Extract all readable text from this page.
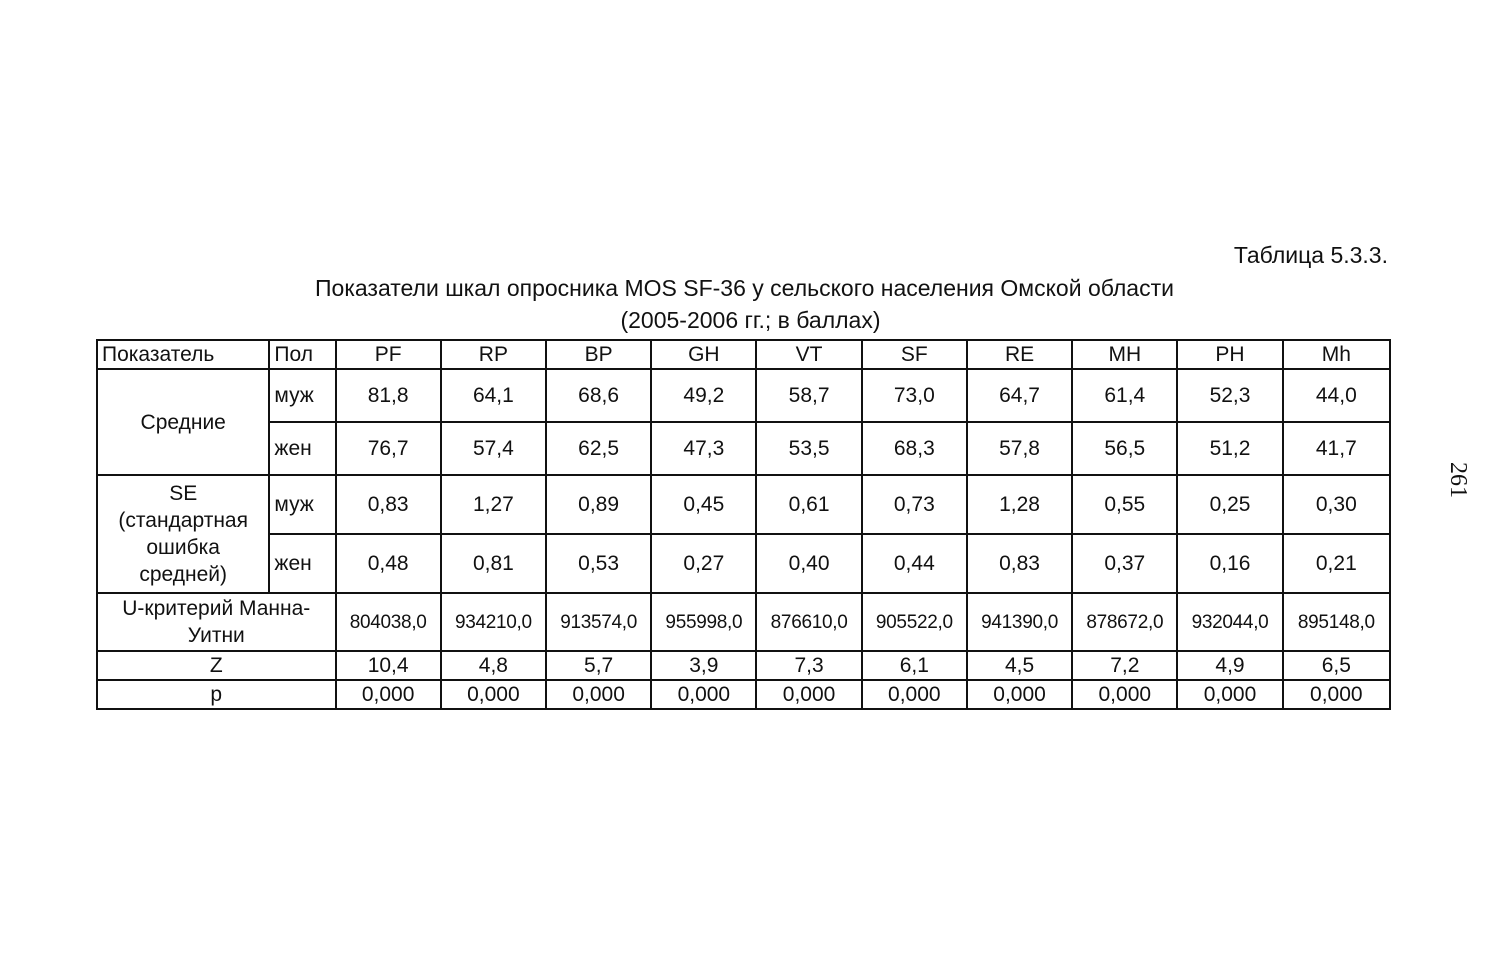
Таблица 5.3.3.
Показатели шкал опросника MOS SF-36 у сельского населения Омской области
(2005-2006 гг.; в баллах)
Показатель	Пол	PF	RP	BP	GH	VT	SF	RE	MH	PH	Mh
Средние	муж	81,8	64,1	68,6	49,2	58,7	73,0	64,7	61,4	52,3	44,0
	жен	76,7	57,4	62,5	47,3	53,5	68,3	57,8	56,5	51,2	41,7

SE
(стандартная
ошибка
средней)	муж	0,83	1,27	0,89	0,45	0,61	0,73	1,28	0,55	0,25	0,30
	жен	0,48	0,81	0,53	0,27	0,40	0,44	0,83	0,37	0,16	0,21

U-критерий Манна-
Уитни		804038,0	934210,0	913574,0	955998,0	876610,0	905522,0	941390,0	878672,0	932044,0	895148,0
Z		10,4	4,8	5,7	3,9	7,3	6,1	4,5	7,2	4,9	6,5
p		0,000	0,000	0,000	0,000	0,000	0,000	0,000	0,000	0,000	0,000
261
